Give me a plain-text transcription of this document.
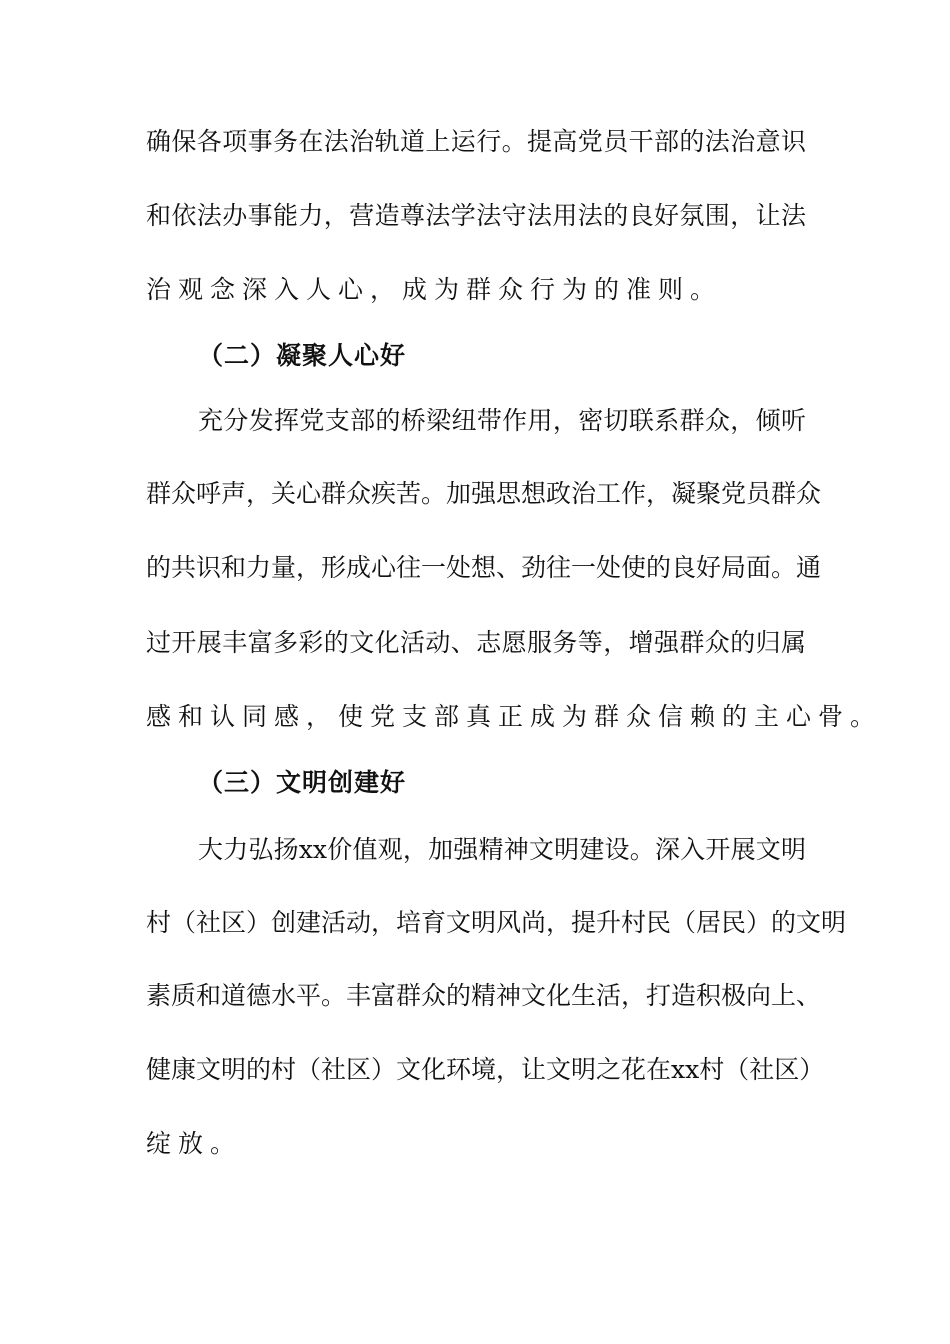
确保各项事务在法治轨道上运行。提高党员干部的法治意识
和依法办事能力，营造尊法学法守法用法的良好氛围，让法
治观念深入人心，成为群众行为的准则。
（二）凝聚人心好
充分发挥党支部的桥梁纽带作用，密切联系群众，倾听
群众呼声，关心群众疾苦。加强思想政治工作，凝聚党员群众
的共识和力量，形成心往一处想、劲往一处使的良好局面。通
过开展丰富多彩的文化活动、志愿服务等，增强群众的归属
感和认同感，使党支部真正成为群众信赖的主心骨。
（三）文明创建好
大力弘扬xx价值观，加强精神文明建设。深入开展文明
村（社区）创建活动，培育文明风尚，提升村民（居民）的文明
素质和道德水平。丰富群众的精神文化生活，打造积极向上、
健康文明的村（社区）文化环境，让文明之花在xx村（社区）
绽放。
